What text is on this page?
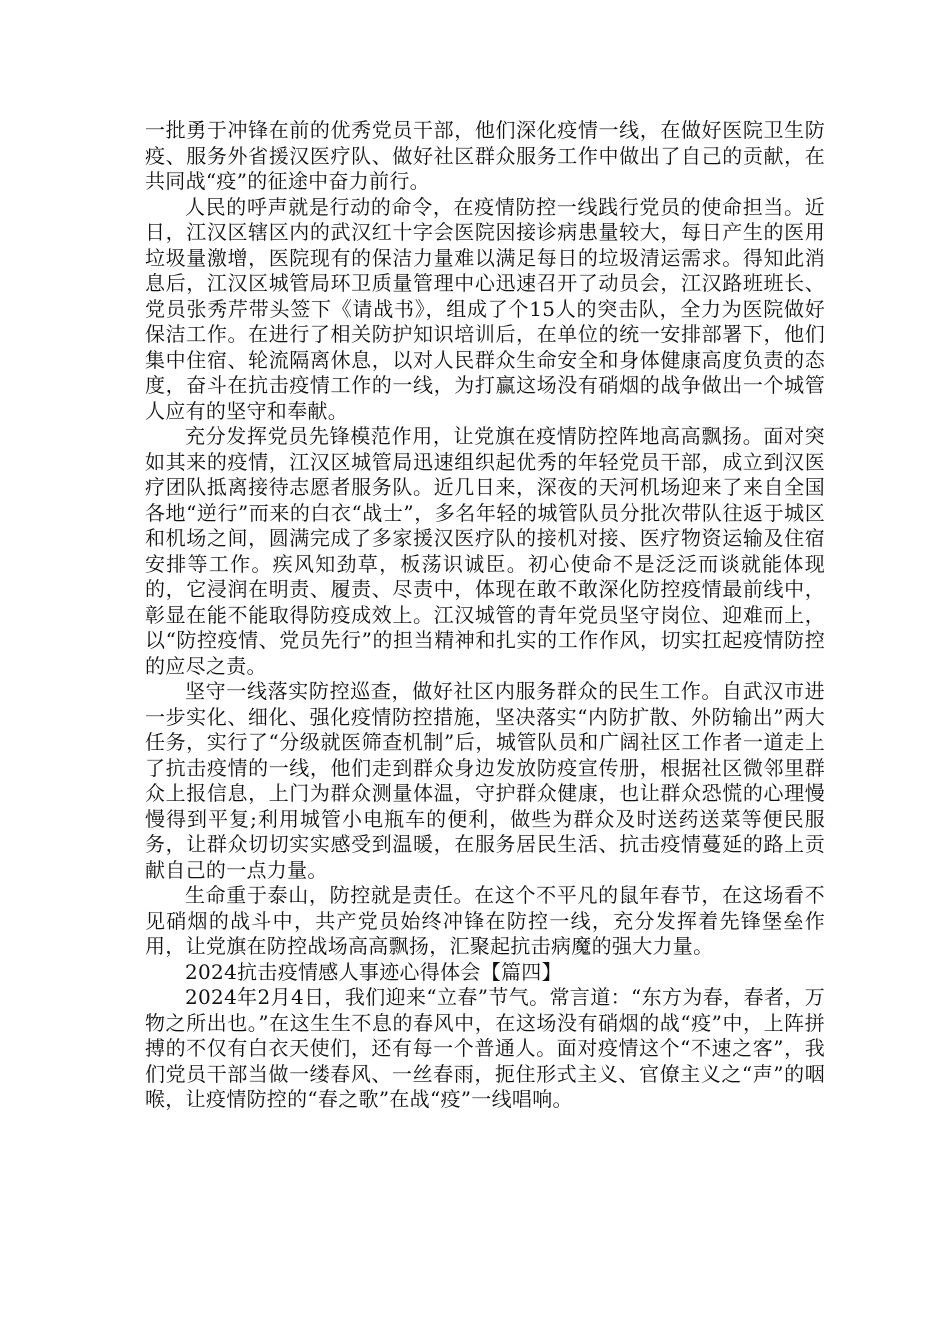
一批勇于冲锋在前的优秀党员干部，他们深化疫情一线，在做好医院卫生防疫、服务外省援汉医疗队、做好社区群众服务工作中做出了自己的贡献，在共同战“疫”的征途中奋力前行。

人民的呼声就是行动的命令，在疫情防控一线践行党员的使命担当。近日，江汉区辖区内的武汉红十字会医院因接诊病患量较大，每日产生的医用垃圾量激增，医院现有的保洁力量难以满足每日的垃圾清运需求。得知此消息后，江汉区城管局环卫质量管理中心迅速召开了动员会，江汉路班班长、党员张秀芹带头签下《请战书》，组成了个15人的突击队，全力为医院做好保洁工作。在进行了相关防护知识培训后，在单位的统一安排部署下，他们集中住宿、轮流隔离休息，以对人民群众生命安全和身体健康高度负责的态度，奋斗在抗击疫情工作的一线，为打赢这场没有硝烟的战争做出一个城管人应有的坚守和奉献。

充分发挥党员先锋模范作用，让党旗在疫情防控阵地高高飘扬。面对突如其来的疫情，江汉区城管局迅速组织起优秀的年轻党员干部，成立到汉医疗团队抵离接待志愿者服务队。近几日来，深夜的天河机场迎来了来自全国各地“逆行”而来的白衣“战士”，多名年轻的城管队员分批次带队往返于城区和机场之间，圆满完成了多家援汉医疗队的接机对接、医疗物资运输及住宿安排等工作。疾风知劲草，板荡识诚臣。初心使命不是泛泛而谈就能体现的，它浸润在明责、履责、尽责中，体现在敢不敢深化防控疫情最前线中，彰显在能不能取得防疫成效上。江汉城管的青年党员坚守岗位、迎难而上，以“防控疫情、党员先行”的担当精神和扎实的工作作风，切实扛起疫情防控的应尽之责。

坚守一线落实防控巡查，做好社区内服务群众的民生工作。自武汉市进一步实化、细化、强化疫情防控措施，坚决落实“内防扩散、外防输出”两大任务，实行了“分级就医筛查机制”后，城管队员和广阔社区工作者一道走上了抗击疫情的一线，他们走到群众身边发放防疫宣传册，根据社区微邻里群众上报信息，上门为群众测量体温，守护群众健康，也让群众恐慌的心理慢慢得到平复;利用城管小电瓶车的便利，做些为群众及时送药送菜等便民服务，让群众切切实实感受到温暖，在服务居民生活、抗击疫情蔓延的路上贡献自己的一点力量。

生命重于泰山，防控就是责任。在这个不平凡的鼠年春节，在这场看不见硝烟的战斗中，共产党员始终冲锋在防控一线，充分发挥着先锋堡垒作用，让党旗在防控战场高高飘扬，汇聚起抗击病魔的强大力量。

2024抗击疫情感人事迹心得体会【篇四】

2024年2月4日，我们迎来“立春”节气。常言道：“东方为春，春者，万物之所出也。”在这生生不息的春风中，在这场没有硝烟的战“疫”中，上阵拼搏的不仅有白衣天使们，还有每一个普通人。面对疫情这个“不速之客”，我们党员干部当做一缕春风、一丝春雨，扼住形式主义、官僚主义之“声”的咽喉，让疫情防控的“春之歌”在战“疫”一线唱响。
